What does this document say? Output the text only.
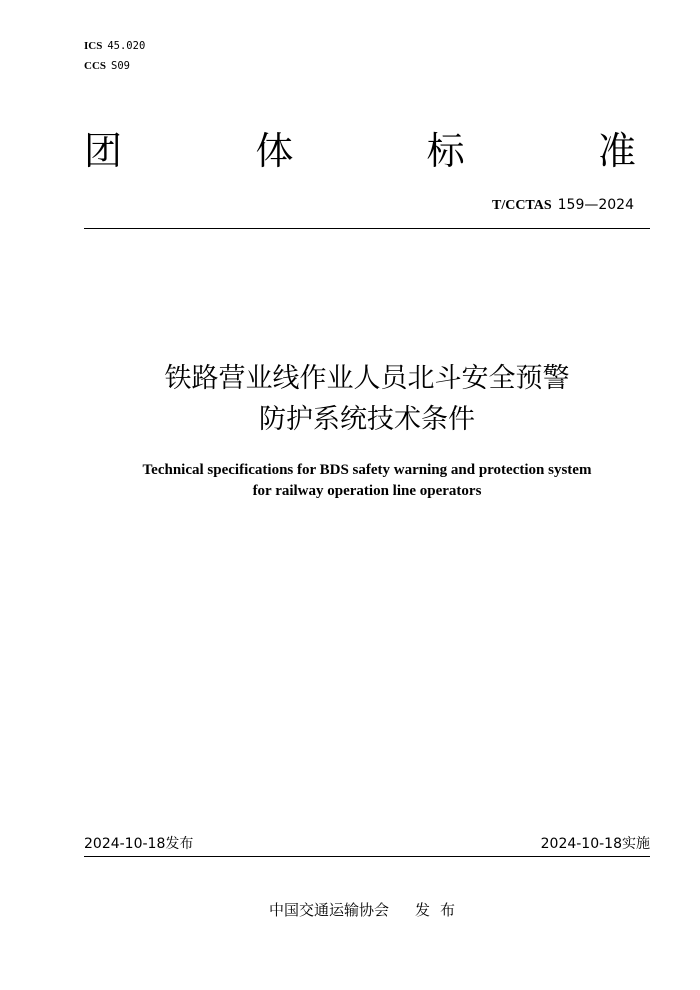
ICS 45.020
CCS S09
团	体	标	准
T/CCTAS 159—2024
铁路营业线作业人员北斗安全预警
防护系统技术条件
Technical specifications for BDS safety warning and protection system
for railway operation line operators
2024-10-18发布	2024-10-18实施
中国交通运输协会 发布
